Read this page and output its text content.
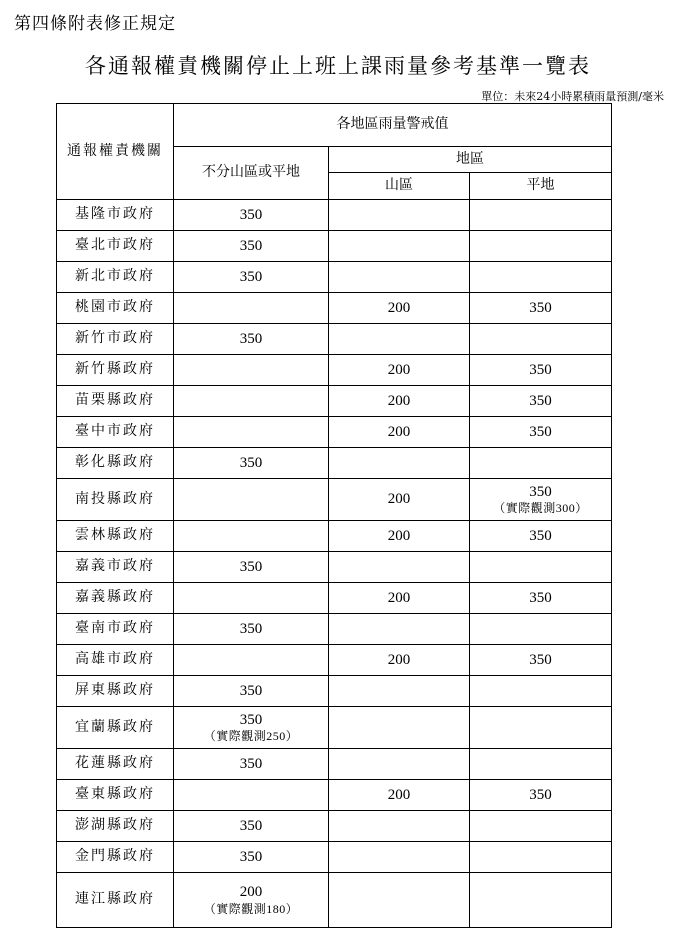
第四條附表修正規定
各通報權責機關停止上班上課雨量參考基準一覽表
單位：未來24小時累積雨量預測/毫米
通報權責機關	各地區雨量警戒值		
	不分山區或平地	地區	
		山區	平地
基隆市政府	350		
臺北市政府	350		
新北市政府	350		
桃園市政府		200	350
新竹市政府	350		
新竹縣政府		200	350
苗栗縣政府		200	350
臺中市政府		200	350
彰化縣政府	350		
南投縣政府		200	350
（實際觀測300）

雲林縣政府		200	350
嘉義市政府	350		
嘉義縣政府		200	350
臺南市政府	350		
高雄市政府		200	350
屏東縣政府	350		
宜蘭縣政府	350
（實際觀測250）		

花蓮縣政府	350		
臺東縣政府		200	350
澎湖縣政府	350		
金門縣政府	350		
連江縣政府	200
（實際觀測180）		
